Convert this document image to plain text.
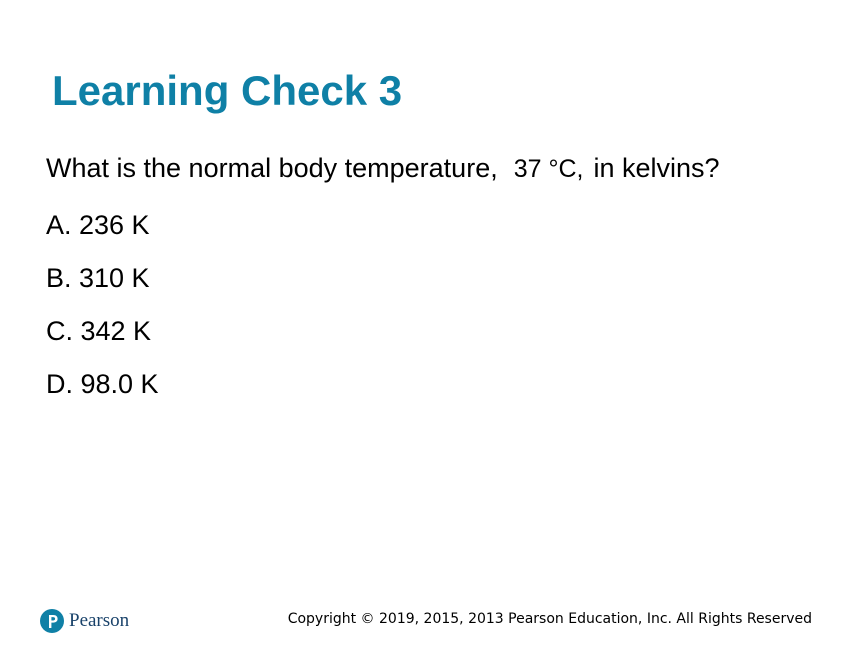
Learning Check 3
What is the normal body temperature, 37 °C, in kelvins?
A. 236 K
B. 310 K
C. 342 K
D. 98.0 K
Pearson	Copyright © 2019, 2015, 2013 Pearson Education, Inc. All Rights Reserved
